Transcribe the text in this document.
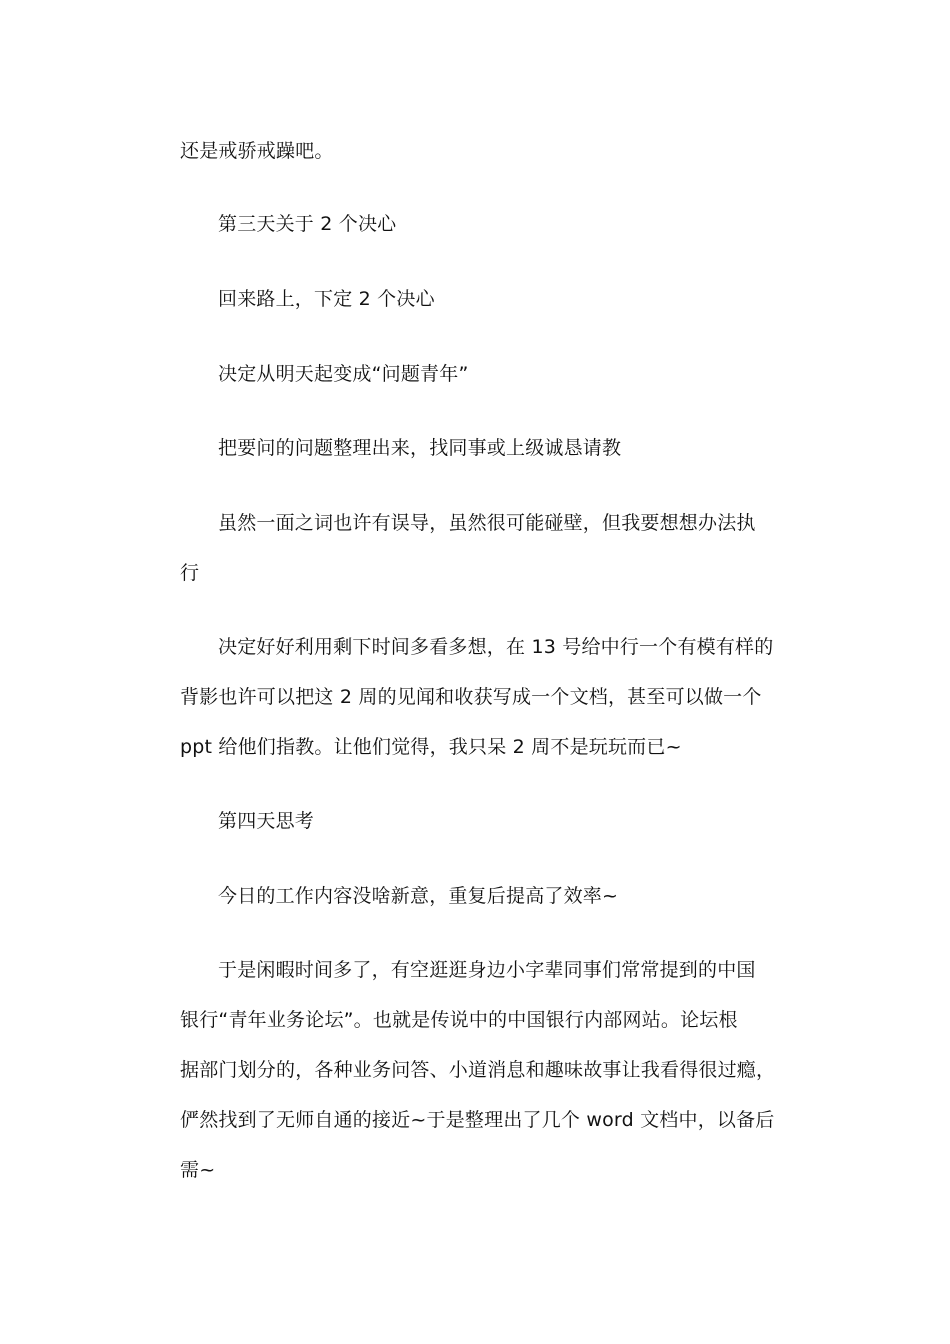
还是戒骄戒躁吧。

第三天关于 2 个决心

回来路上，下定 2 个决心

决定从明天起变成“问题青年”

把要问的问题整理出来，找同事或上级诚恳请教

虽然一面之词也许有误导，虽然很可能碰壁，但我要想想办法执
行

决定好好利用剩下时间多看多想，在 13 号给中行一个有模有样的
背影也许可以把这 2 周的见闻和收获写成一个文档，甚至可以做一个
ppt 给他们指教。让他们觉得，我只呆 2 周不是玩玩而已~

第四天思考

今日的工作内容没啥新意，重复后提高了效率~

于是闲暇时间多了，有空逛逛身边小字辈同事们常常提到的中国
银行“青年业务论坛”。也就是传说中的中国银行内部网站。论坛根
据部门划分的，各种业务问答、小道消息和趣味故事让我看得很过瘾，
俨然找到了无师自通的接近~于是整理出了几个 word 文档中，以备后
需~
